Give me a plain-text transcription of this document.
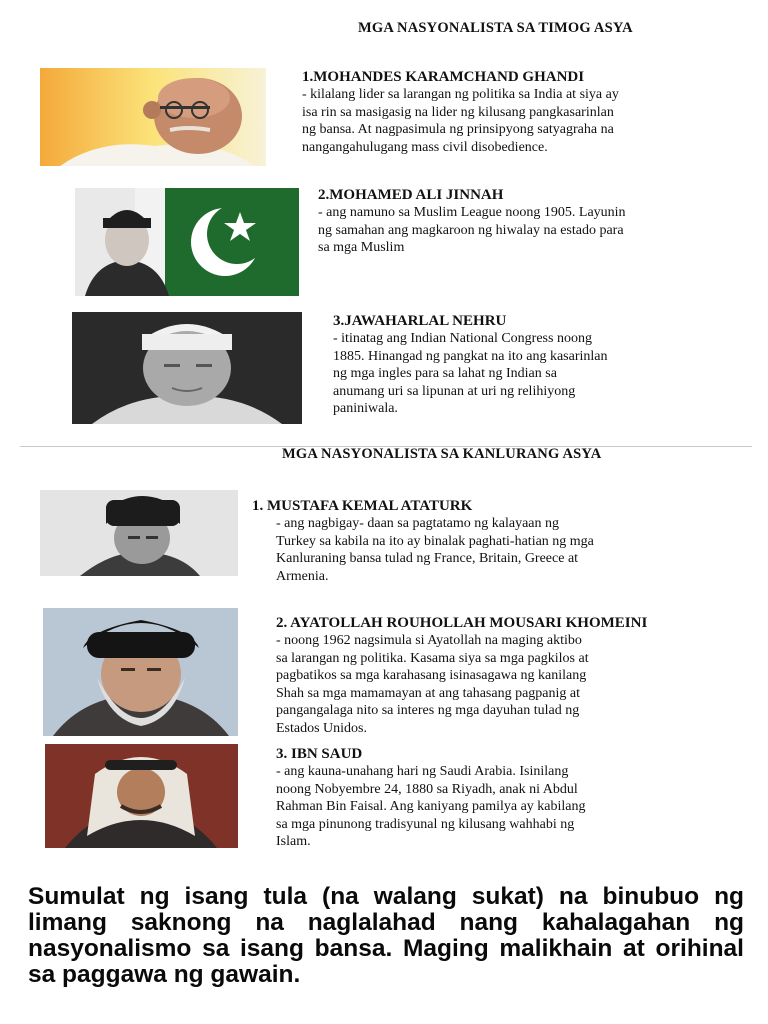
MGA NASYONALISTA SA TIMOG ASYA
1.MOHANDES KARAMCHAND GHANDI
- kilalang lider sa larangan ng politika sa India at siya ay
isa rin sa masigasig na lider ng kilusang pangkasarinlan
ng bansa. At nagpasimula ng prinsipyong satyagraha na
nangangahulugang mass civil disobedience.
2.MOHAMED ALI JINNAH
- ang namuno sa Muslim League noong 1905. Layunin
ng samahan ang magkaroon ng hiwalay na estado para
sa mga Muslim
3.JAWAHARLAL NEHRU
- itinatag ang Indian National Congress noong
1885. Hinangad ng pangkat na ito ang kasarinlan
ng mga ingles para sa lahat ng Indian sa
anumang uri sa lipunan at uri ng relihiyong
paniniwala.
MGA NASYONALISTA SA KANLURANG ASYA
1. MUSTAFA KEMAL ATATURK
- ang nagbigay- daan sa pagtatamo ng kalayaan ng
Turkey sa kabila na ito ay binalak paghati-hatian ng mga
Kanluraning bansa tulad ng France, Britain, Greece at
Armenia.
2. AYATOLLAH ROUHOLLAH MOUSARI KHOMEINI
- noong 1962 nagsimula si Ayatollah na maging aktibo
sa larangan ng politika. Kasama siya sa mga pagkilos at
pagbatikos sa mga karahasang isinasagawa ng kanilang
Shah sa mga mamamayan at ang tahasang pagpanig at
pangangalaga nito sa interes ng mga dayuhan tulad ng
Estados Unidos.
3. IBN SAUD
- ang kauna-unahang hari ng Saudi Arabia. Isinilang
noong Nobyembre 24, 1880 sa Riyadh, anak ni Abdul
Rahman Bin Faisal. Ang kaniyang pamilya ay kabilang
sa mga pinunong tradisyunal ng kilusang wahhabi ng
Islam.
Sumulat ng isang tula (na walang sukat) na binubuo ng limang saknong na naglalahad nang kahalagahan ng nasyonalismo sa isang bansa. Maging malikhain at orihinal sa paggawa ng gawain.
